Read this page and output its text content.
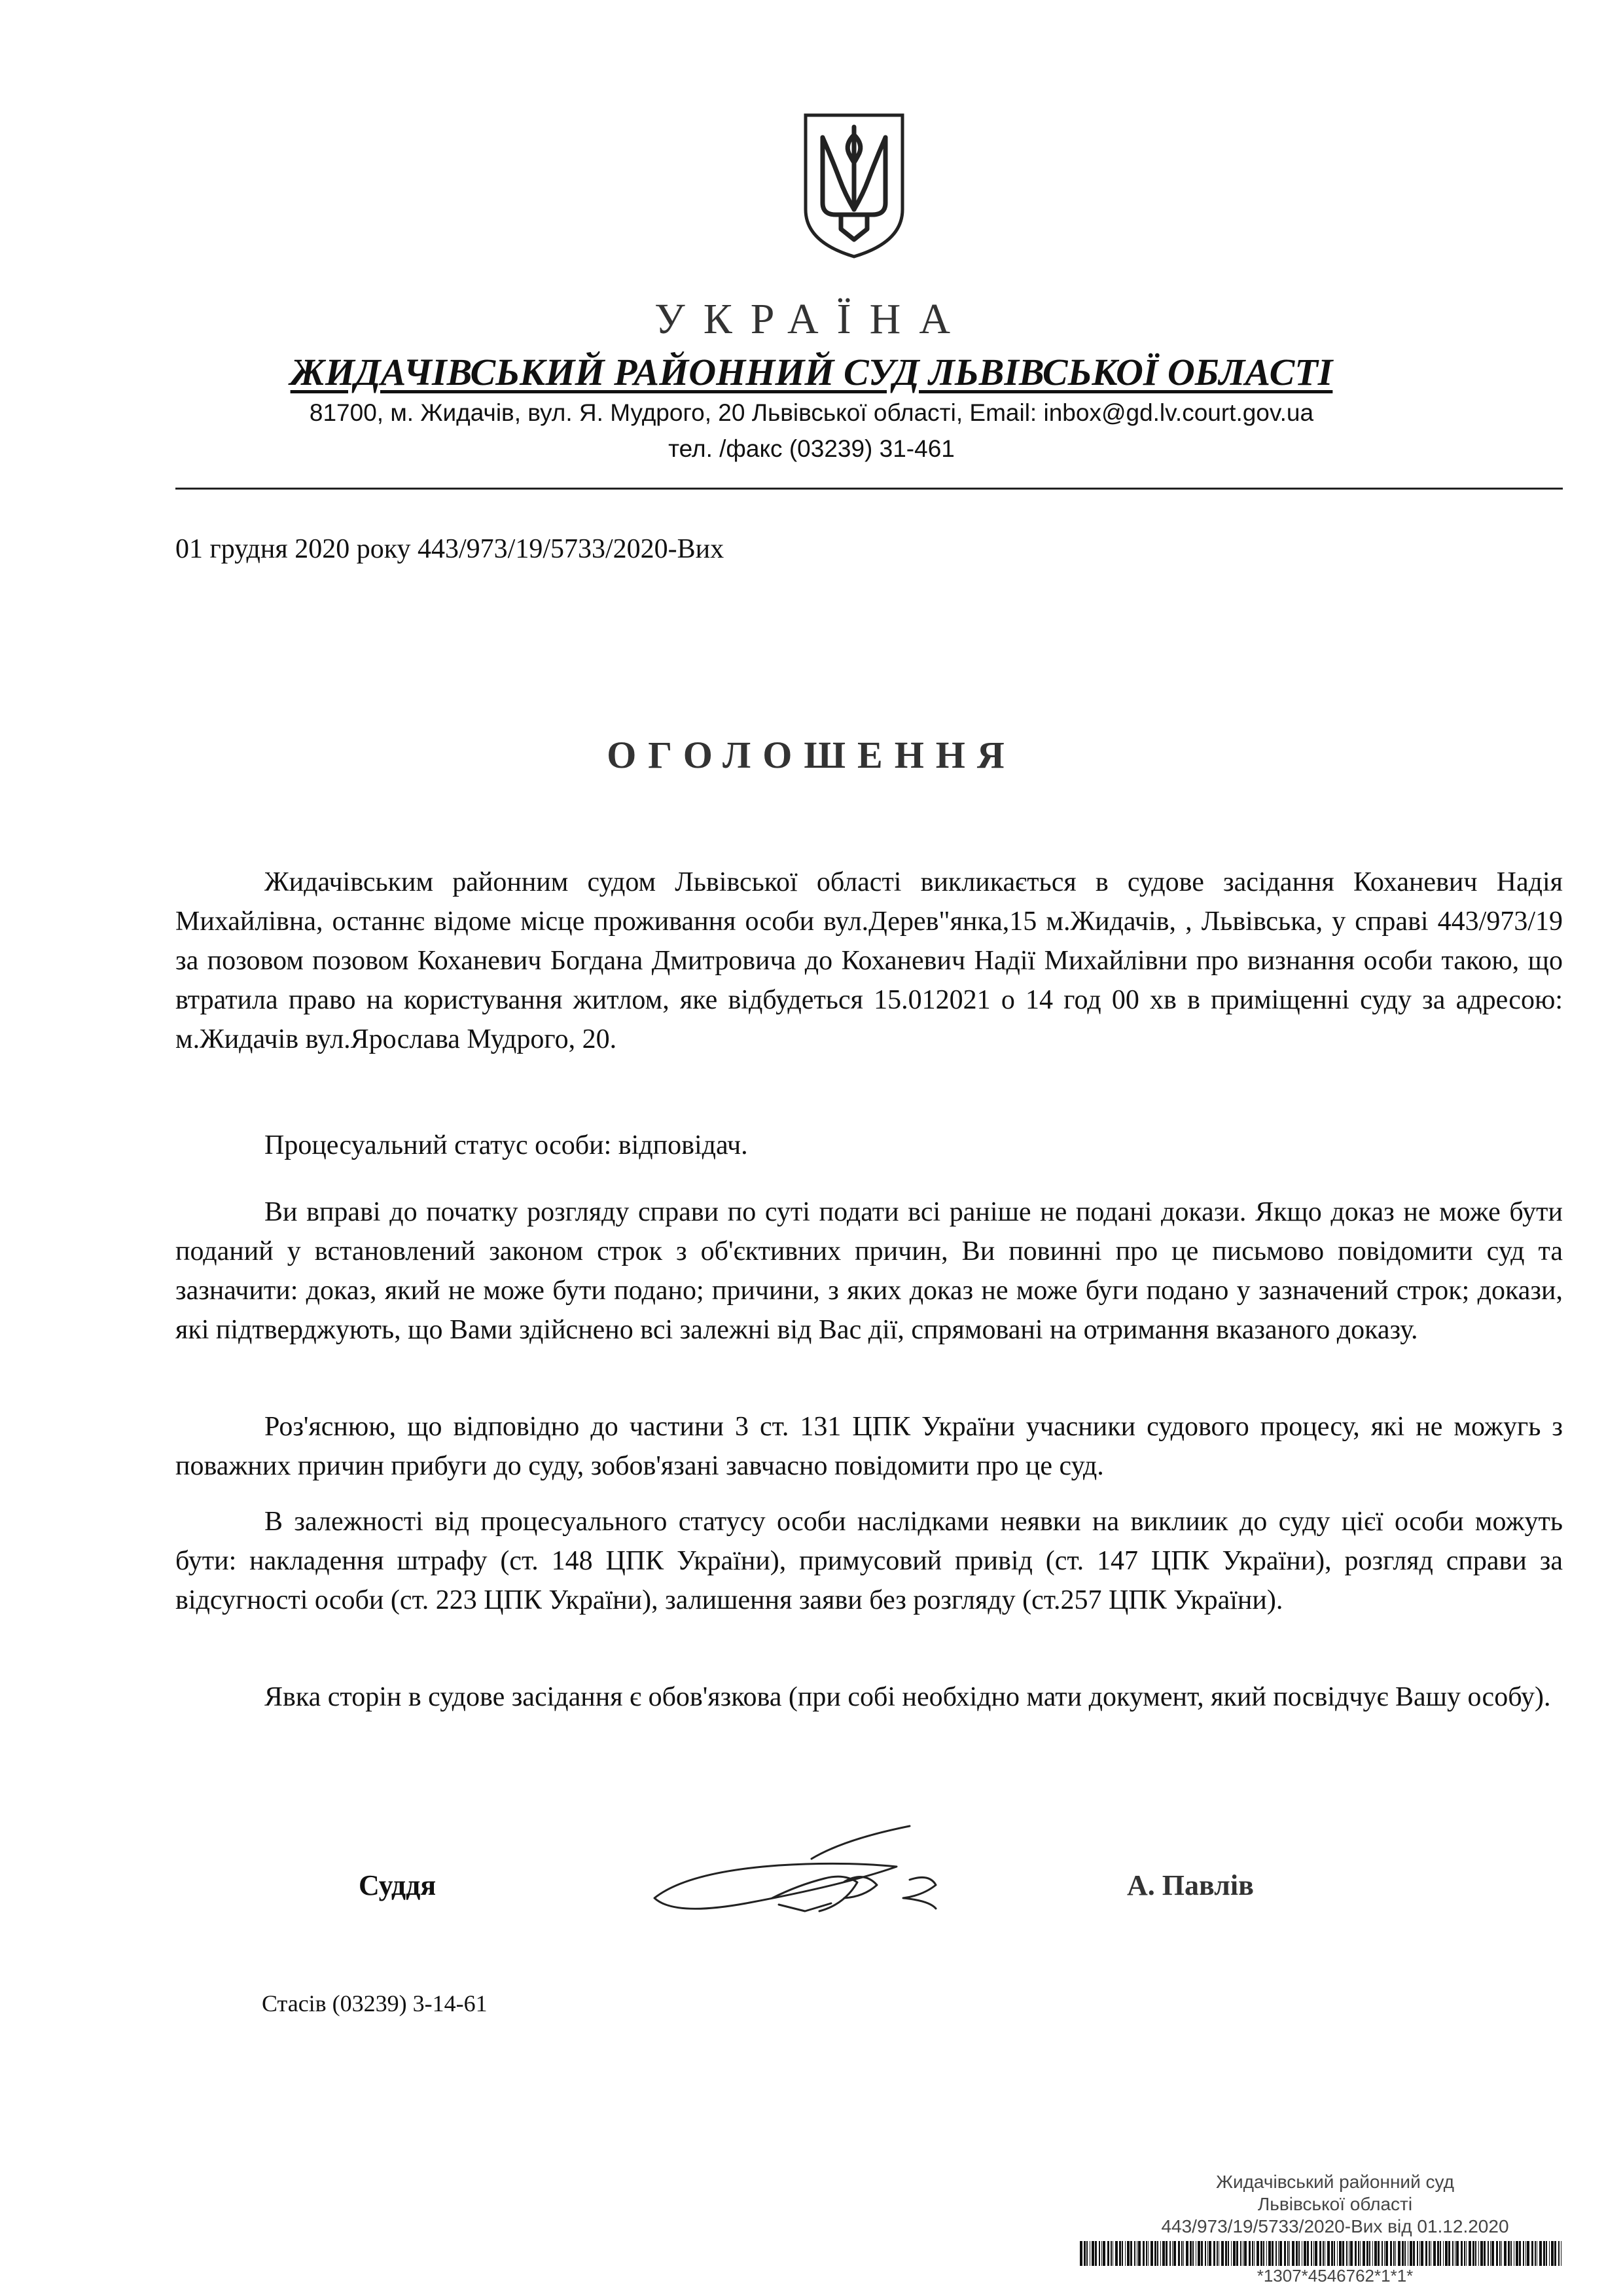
УКРАЇНА
ЖИДАЧІВСЬКИЙ РАЙОННИЙ СУД ЛЬВІВСЬКОЇ ОБЛАСТІ
81700, м. Жидачів, вул. Я. Мудрого, 20 Львівської області, Email: inbox@gd.lv.court.gov.ua
тел. /факс (03239) 31-461
01 грудня 2020 року 443/973/19/5733/2020-Вих
ОГОЛОШЕННЯ

Жидачівським районним судом Львівської області викликається в судове засідання Коханевич Надія Михайлівна, останнє відоме місце проживання особи вул.Дерев"янка,15 м.Жидачів, , Львівська, у справі 443/973/19 за позовом позовом Коханевич Богдана Дмитровича до Коханевич Надії Михайлівни про визнання особи такою, що втратила право на користування житлом, яке відбудеться 15.012021 о 14 год 00 хв в приміщенні суду за адресою: м.Жидачів вул.Ярослава Мудрого, 20.

Процесуальний статус особи: відповідач.

Ви вправі до початку розгляду справи по суті подати всі раніше не подані докази. Якщо доказ не може бути поданий у встановлений законом строк з об'єктивних причин, Ви повинні про це письмово повідомити суд та зазначити: доказ, який не може бути подано; причини, з яких доказ не може буги подано у зазначений строк; докази, які підтверджують, що Вами здійснено всі залежні від Вас дії, спрямовані на отримання вказаного доказу.

Роз'яснюю, що відповідно до частини 3 ст. 131 ЦПК України учасники судового процесу, які не можугь з поважних причин прибуги до суду, зобов'язані завчасно повідомити про це суд.

В залежності від процесуального статусу особи наслідками неявки на виклиик до суду цієї особи можуть бути: накладення штрафу (ст. 148 ЦПК України), примусовий привід (ст. 147 ЦПК України), розгляд справи за відсугності особи (ст. 223 ЦПК України), залишення заяви без розгляду (ст.257 ЦПК України).

Явка сторін в судове засідання є обов'язкова (при собі необхідно мати документ, який посвідчує Вашу особу).

Суддя	А. Павлів
Стасів (03239) 3-14-61
Жидачівський районний суд
Львівської області
443/973/19/5733/2020-Вих від 01.12.2020
*1307*4546762*1*1*
